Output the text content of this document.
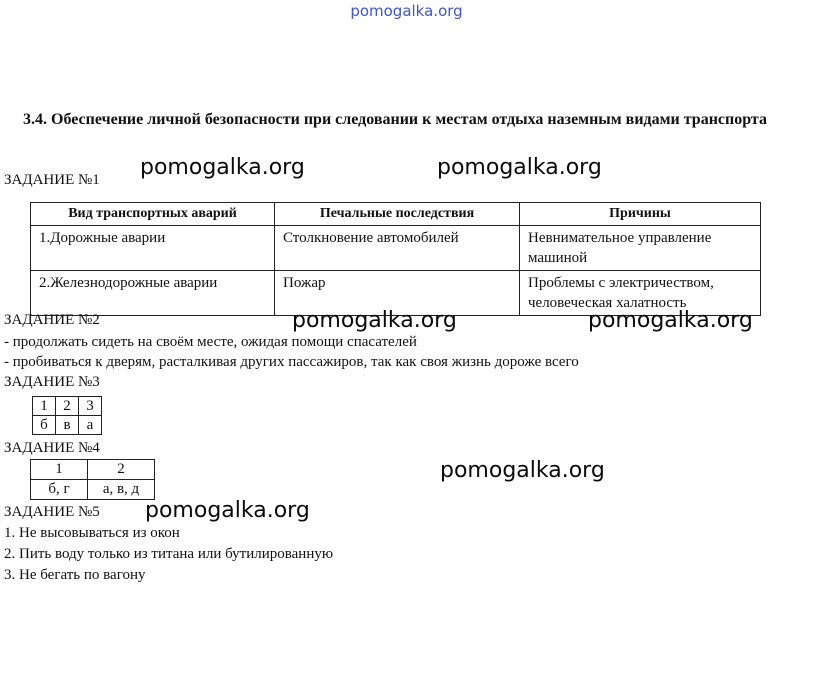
pomogalka.org
3.4. Обеспечение личной безопасности при следовании к местам отдыха наземным видами транспорта
ЗАДАНИЕ №1 pomogalka.org	pomogalka.org
Вид транспортных аварий	Печальные последствия	Причины
1.Дорожные аварии	Столкновение автомобилей	Невнимательное управление машиной
2.Железнодорожные аварии	Пожар	Проблемы с электричеством, человеческая халатность
ЗАДАНИЕ №2	pomogalka.org	pomogalka.org
- продолжать сидеть на своём месте, ожидая помощи спасателей
- пробиваться к дверям, расталкивая других пассажиров, так как своя жизнь дороже всего
ЗАДАНИЕ №3
1	2	3
б	в	а
ЗАДАНИЕ №4
pomogalka.org
1	2
б, г	а, в, д
ЗАДАНИЕ №5 pomogalka.org
1. Не высовываться из окон
2. Пить воду только из титана или бутилированную
3. Не бегать по вагону
